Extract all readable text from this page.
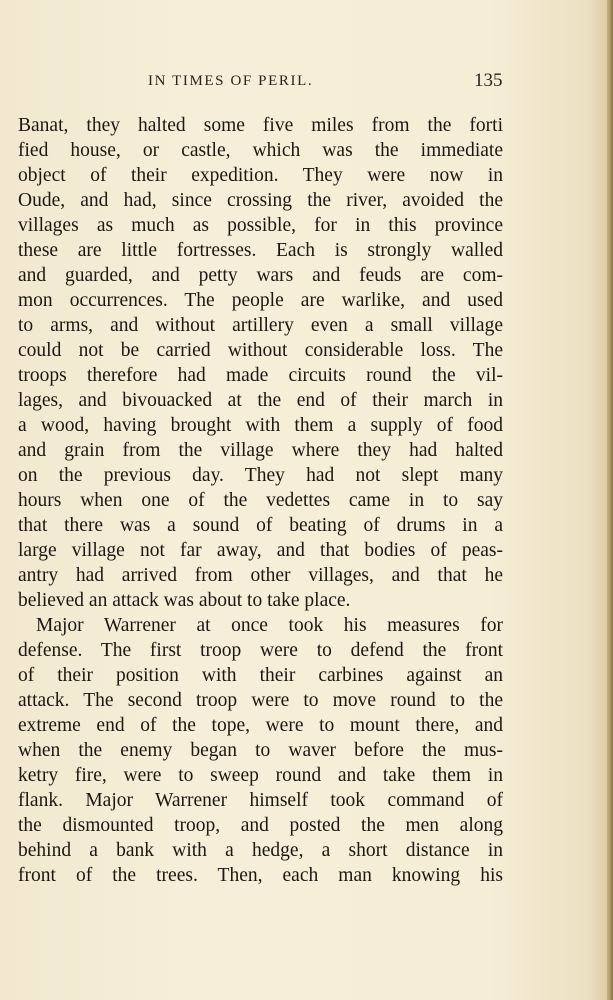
IN TIMES OF PERIL.	135
Banat, they halted some five miles from the forti
fied house, or castle, which was the immediate
object of their expedition. They were now in
Oude, and had, since crossing the river, avoided the
villages as much as possible, for in this province
these are little fortresses. Each is strongly walled
and guarded, and petty wars and feuds are com-
mon occurrences. The people are warlike, and used
to arms, and without artillery even a small village
could not be carried without considerable loss. The
troops therefore had made circuits round the vil-
lages, and bivouacked at the end of their march in
a wood, having brought with them a supply of food
and grain from the village where they had halted
on the previous day. They had not slept many
hours when one of the vedettes came in to say
that there was a sound of beating of drums in a
large village not far away, and that bodies of peas-
antry had arrived from other villages, and that he
believed an attack was about to take place.
Major Warrener at once took his measures for
defense. The first troop were to defend the front
of their position with their carbines against an
attack. The second troop were to move round to the
extreme end of the tope, were to mount there, and
when the enemy began to waver before the mus-
ketry fire, were to sweep round and take them in
flank. Major Warrener himself took command of
the dismounted troop, and posted the men along
behind a bank with a hedge, a short distance in
front of the trees. Then, each man knowing his
